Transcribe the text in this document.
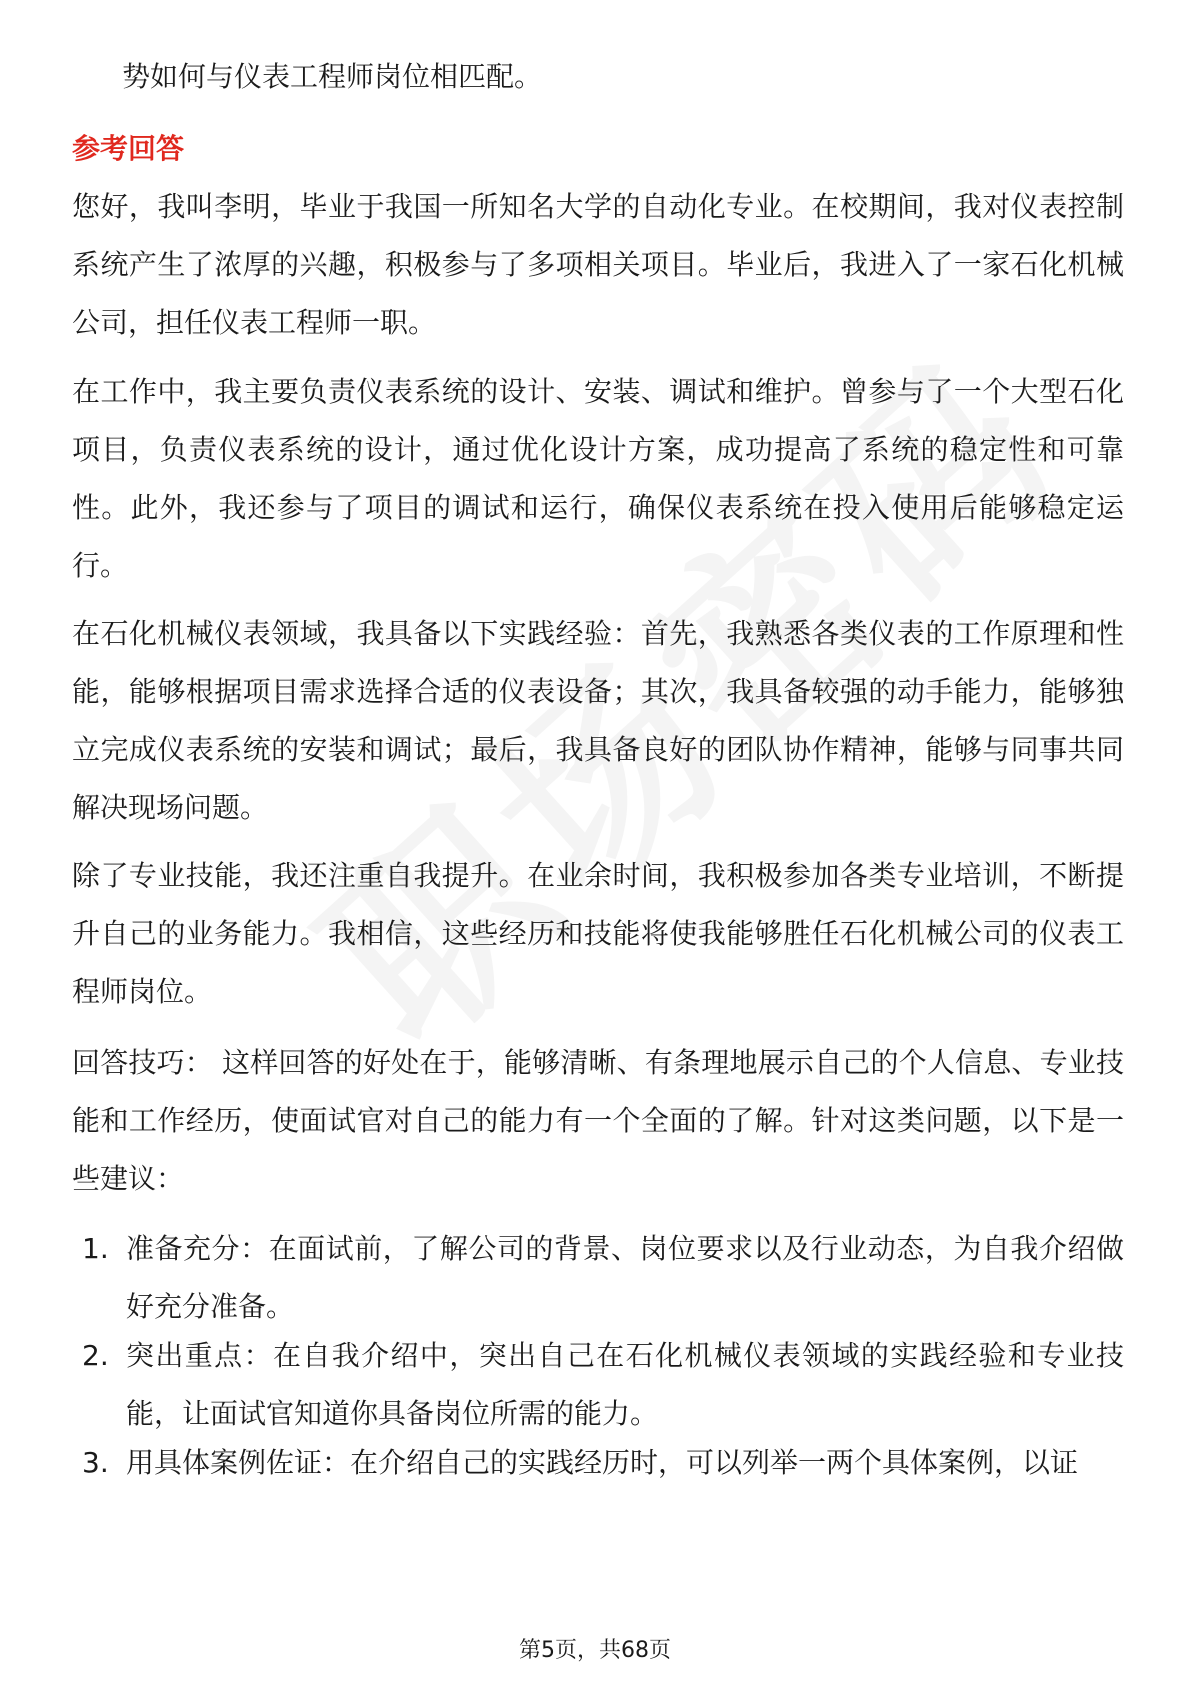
势如何与仪表工程师岗位相匹配。

参考回答

您好，我叫李明，毕业于我国一所知名大学的自动化专业。在校期间，我对仪表控制系统产生了浓厚的兴趣，积极参与了多项相关项目。毕业后，我进入了一家石化机械公司，担任仪表工程师一职。

在工作中，我主要负责仪表系统的设计、安装、调试和维护。曾参与了一个大型石化项目，负责仪表系统的设计，通过优化设计方案，成功提高了系统的稳定性和可靠性。此外，我还参与了项目的调试和运行，确保仪表系统在投入使用后能够稳定运行。

在石化机械仪表领域，我具备以下实践经验：首先，我熟悉各类仪表的工作原理和性能，能够根据项目需求选择合适的仪表设备；其次，我具备较强的动手能力，能够独立完成仪表系统的安装和调试；最后，我具备良好的团队协作精神，能够与同事共同解决现场问题。

除了专业技能，我还注重自我提升。在业余时间，我积极参加各类专业培训，不断提升自己的业务能力。我相信，这些经历和技能将使我能够胜任石化机械公司的仪表工程师岗位。

回答技巧： 这样回答的好处在于，能够清晰、有条理地展示自己的个人信息、专业技能和工作经历，使面试官对自己的能力有一个全面的了解。针对这类问题，以下是一些建议：

1. 准备充分：在面试前，了解公司的背景、岗位要求以及行业动态，为自我介绍做好充分准备。
2. 突出重点：在自我介绍中，突出自己在石化机械仪表领域的实践经验和专业技能，让面试官知道你具备岗位所需的能力。
3. 用具体案例佐证：在介绍自己的实践经历时，可以列举一两个具体案例，以证
第5页，共68页
